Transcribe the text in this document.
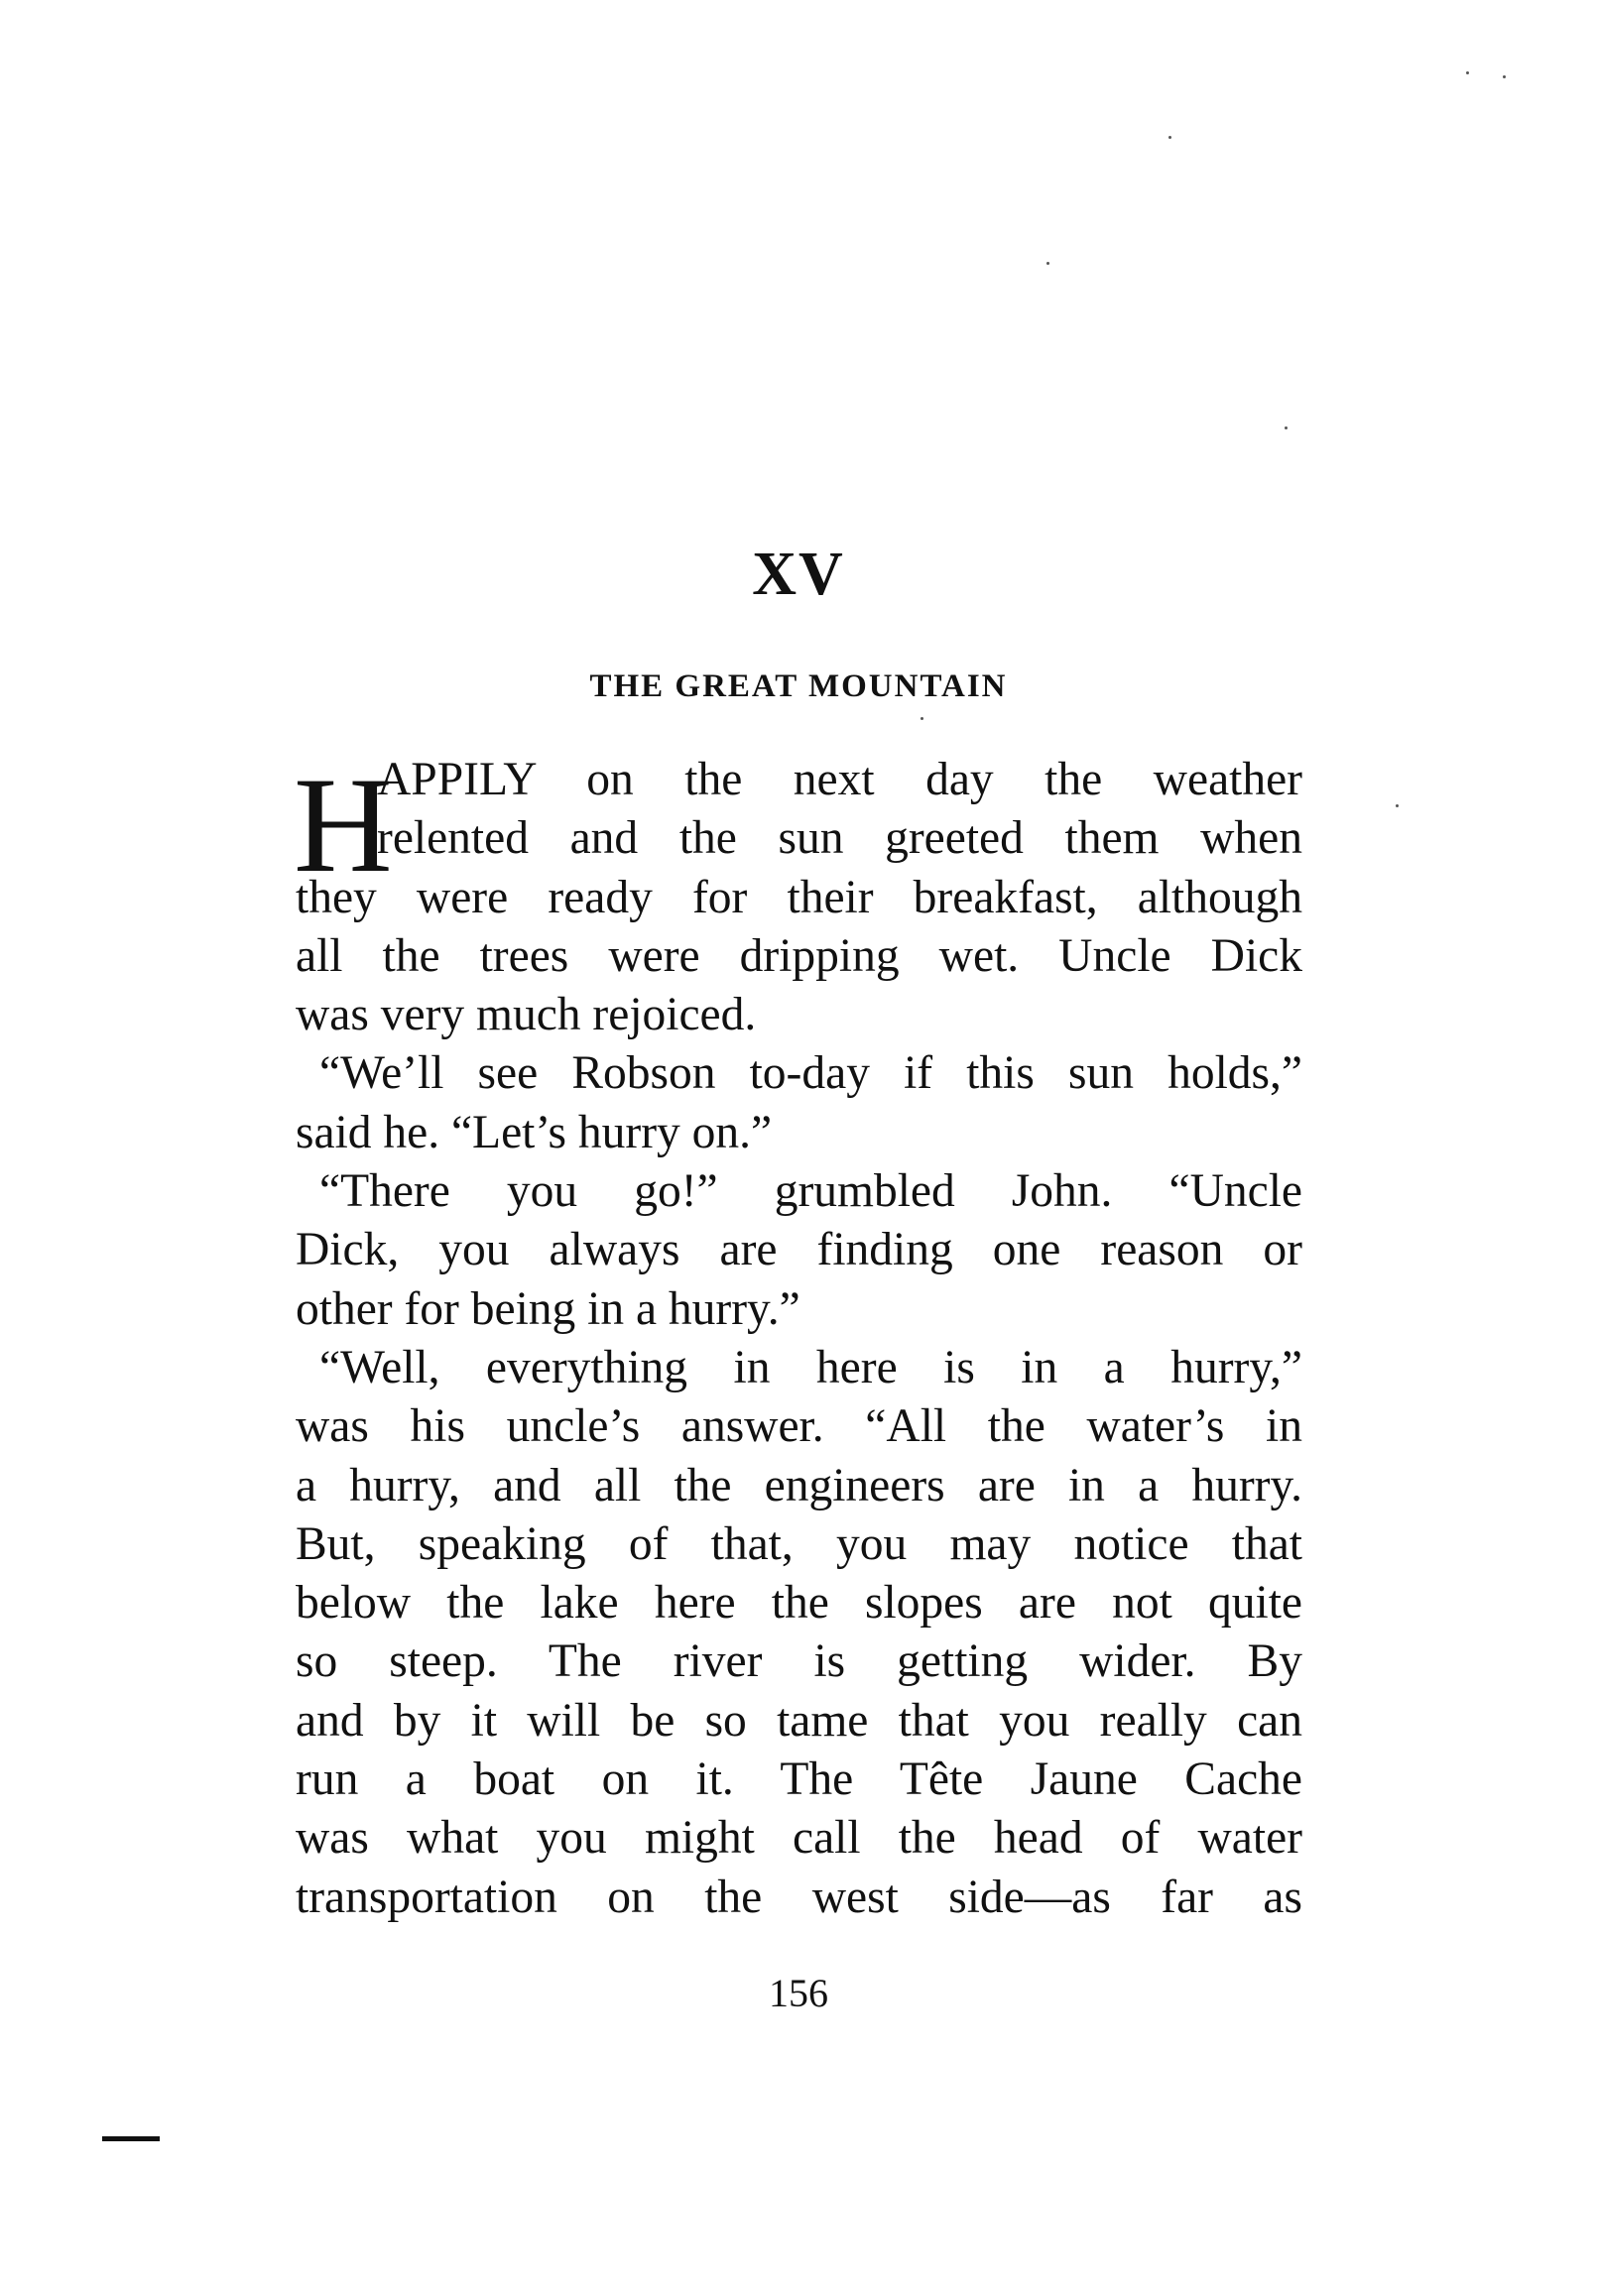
XV
THE GREAT MOUNTAIN
H
APPILY on the next day the weather
relented and the sun greeted them when
they were ready for their breakfast, although
all the trees were dripping wet. Uncle Dick
was very much rejoiced.
“We’ll see Robson to-day if this sun holds,”
said he. “Let’s hurry on.”
“There you go!” grumbled John. “Uncle
Dick, you always are finding one reason or
other for being in a hurry.”
“Well, everything in here is in a hurry,”
was his uncle’s answer. “All the water’s in
a hurry, and all the engineers are in a hurry.
But, speaking of that, you may notice that
below the lake here the slopes are not quite
so steep. The river is getting wider. By
and by it will be so tame that you really can
run a boat on it. The Tête Jaune Cache
was what you might call the head of water
transportation on the west side—as far as
156
